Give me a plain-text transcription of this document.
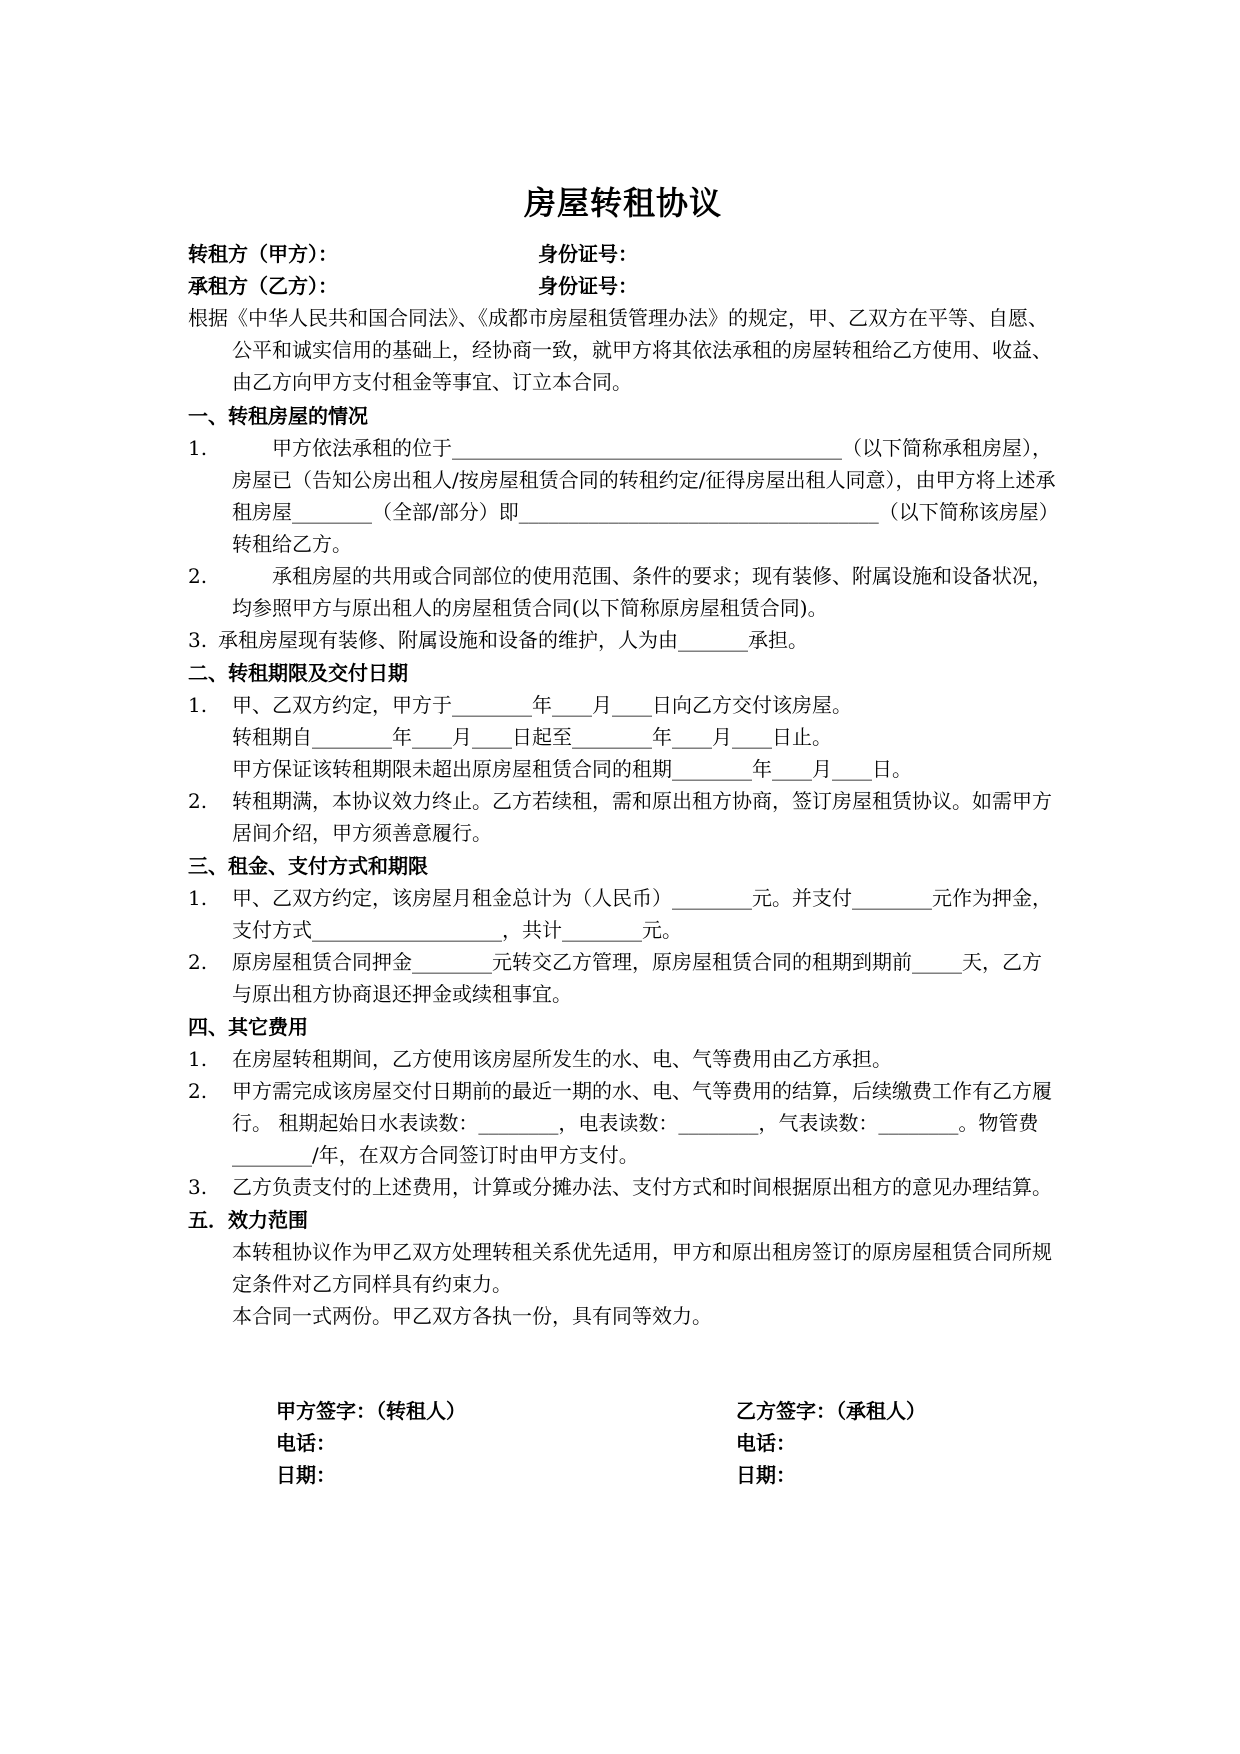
房屋转租协议
转租方（甲方）：	身份证号：
承租方（乙方）：	身份证号：
根据《中华人民共和国合同法》、《成都市房屋租赁管理办法》的规定，甲、乙双方在平等、自愿、公平和诚实信用的基础上，经协商一致，就甲方将其依法承租的房屋转租给乙方使用、收益、由乙方向甲方支付租金等事宜、订立本合同。
一、转租房屋的情况
1.	甲方依法承租的位于_______________________________________（以下简称承租房屋），房屋已（告知公房出租人/按房屋租赁合同的转租约定/征得房屋出租人同意），由甲方将上述承租房屋________（全部/部分）即____________________________________（以下简称该房屋）转租给乙方。
2.	承租房屋的共用或合同部位的使用范围、条件的要求；现有装修、附属设施和设备状况，均参照甲方与原出租人的房屋租赁合同(以下简称原房屋租赁合同)。
3. 承租房屋现有装修、附属设施和设备的维护，人为由_______承担。
二、转租期限及交付日期
1.	甲、乙双方约定，甲方于________年____月____日向乙方交付该房屋。
转租期自________年____月____日起至________年____月____日止。
甲方保证该转租期限未超出原房屋租赁合同的租期________年____月____日。
2.	转租期满，本协议效力终止。乙方若续租，需和原出租方协商，签订房屋租赁协议。如需甲方居间介绍，甲方须善意履行。
三、租金、支付方式和期限
1.	甲、乙双方约定，该房屋月租金总计为（人民币）________元。并支付________元作为押金，支付方式___________________，共计________元。
2.	原房屋租赁合同押金________元转交乙方管理，原房屋租赁合同的租期到期前_____天，乙方与原出租方协商退还押金或续租事宜。
四、其它费用
1.	在房屋转租期间，乙方使用该房屋所发生的水、电、气等费用由乙方承担。
2.	甲方需完成该房屋交付日期前的最近一期的水、电、气等费用的结算，后续缴费工作有乙方履行。 租期起始日水表读数：________，电表读数：________，气表读数：________。物管费________/年，在双方合同签订时由甲方支付。
3.	乙方负责支付的上述费用，计算或分摊办法、支付方式和时间根据原出租方的意见办理结算。
五．效力范围
本转租协议作为甲乙双方处理转租关系优先适用，甲方和原出租房签订的原房屋租赁合同所规定条件对乙方同样具有约束力。
本合同一式两份。甲乙双方各执一份，具有同等效力。
甲方签字：（转租人）	乙方签字：（承租人）
电话：	电话：
日期：	日期：
